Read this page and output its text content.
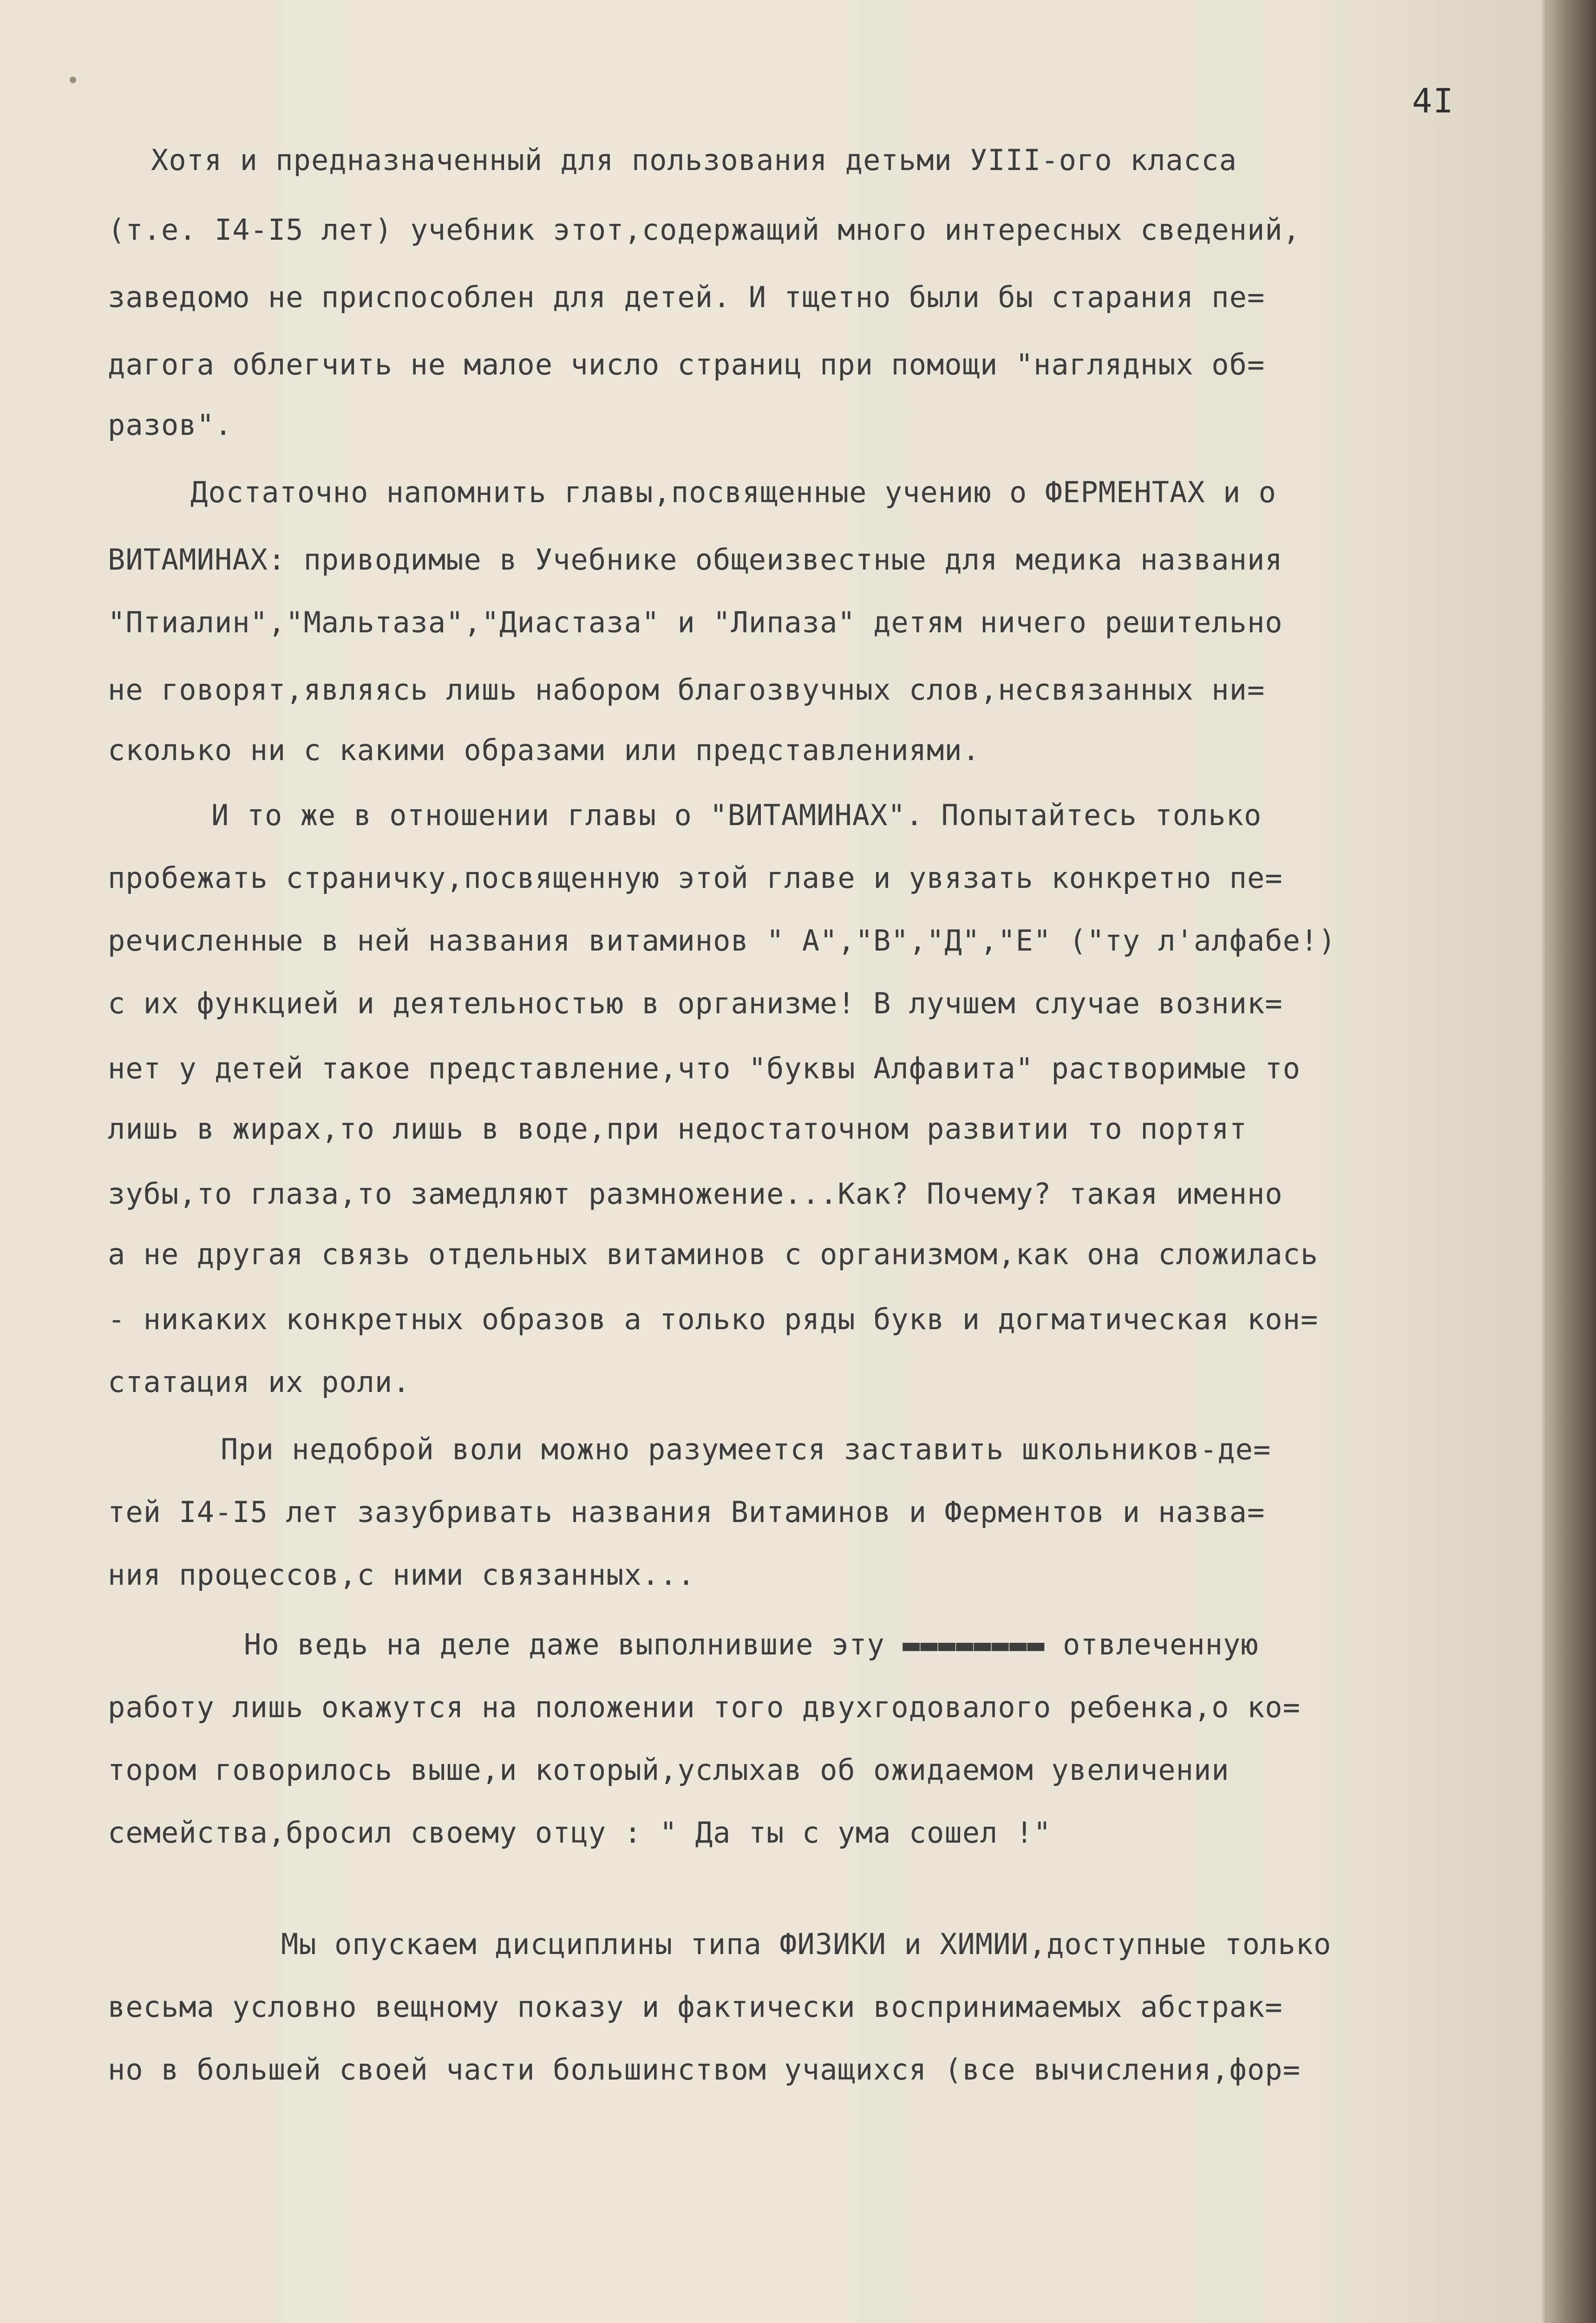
4I
Хотя и предназначенный для пользования детьми УIII-ого класса
(т.е. I4-I5 лет) учебник этот,содержащий много интересных сведений,
заведомо не приспособлен для детей. И тщетно были бы старания пе=
дагога облегчить не малое число страниц при помощи "наглядных об=
разов".
Достаточно напомнить главы,посвященные учению о ФЕРМЕНТАХ и о
ВИТАМИНАХ: приводимые в Учебнике общеизвестные для медика названия
"Птиалин","Мальтаза","Диастаза" и "Липаза" детям ничего решительно
не говорят,являясь лишь набором благозвучных слов,несвязанных ни=
сколько ни с какими образами или представлениями.
И то же в отношении главы о "ВИТАМИНАХ". Попытайтесь только
пробежать страничку,посвященную этой главе и увязать конкретно пе=
речисленные в ней названия витаминов " А","В","Д","Е" ("ту л'алфабе!)
с их функцией и деятельностью в организме! В лучшем случае возник=
нет у детей такое представление,что "буквы Алфавита" растворимые то
лишь в жирах,то лишь в воде,при недостаточном развитии то портят
зубы,то глаза,то замедляют размножение...Как? Почему? такая именно
а не другая связь отдельных витаминов с организмом,как она сложилась
- никаких конкретных образов а только ряды букв и догматическая кон=
статация их роли.
При недоброй воли можно разумеется заставить школьников-де=
тей I4-I5 лет зазубривать названия Витаминов и Ферментов и назва=
ния процессов,с ними связанных...
Но ведь на деле даже выполнившие эту ▬▬▬▬▬▬▬▬ отвлеченную
работу лишь окажутся на положении того двухгодовалого ребенка,о ко=
тором говорилось выше,и который,услыхав об ожидаемом увеличении
семейства,бросил своему отцу : " Да ты с ума сошел !"
Мы опускаем дисциплины типа ФИЗИКИ и ХИМИИ,доступные только
весьма условно вещному показу и фактически воспринимаемых абстрак=
но в большей своей части большинством учащихся (все вычисления,фор=
